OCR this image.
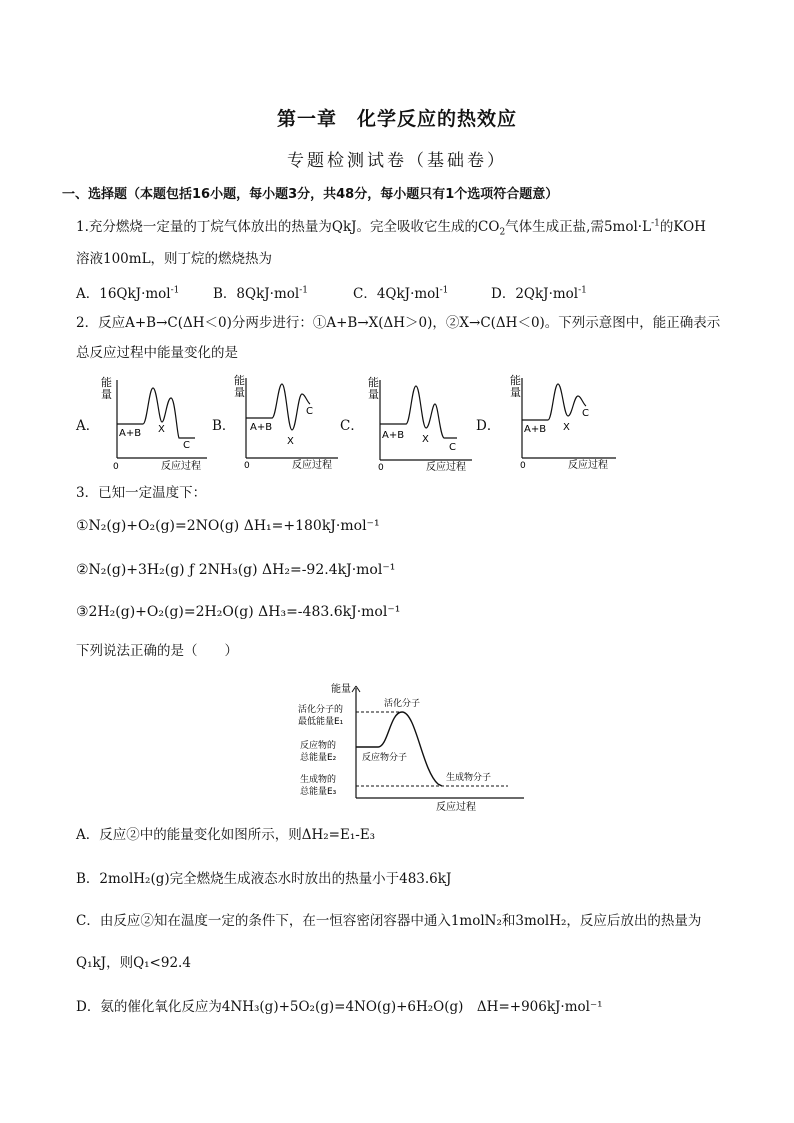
第一章　化学反应的热效应
专题检测试卷（基础卷）
一、选择题（本题包括16小题，每小题3分，共48分，每小题只有1个选项符合题意）
1.充分燃烧一定量的丁烷气体放出的热量为QkJ。完全吸收它生成的$CO_2$气体生成正盐,需$5mol\cdot L^{-1}$的KOH
溶液100mL，则丁烷的燃烧热为
A．16QkJ·mol$^{-1}$ B．8QkJ·mol$^{-1}$	C．4QkJ·mol$^{-1}$	D．2QkJ·mol$^{-1}$
2．反应A+B→C(ΔH＜0)分两步进行：①A+B→X(ΔH＞0)，②X→C(ΔH＜0)。下列示意图中，能正确表示
总反应过程中能量变化的是
A．	B．	C．	D．
能
量
A+B X
C
0	反应过程
能
量
A+B
X
C
0	反应过程
能
量
A+B X
C
0	反应过程
能
量
A+B X
C
0	反应过程
3．已知一定温度下：
①N₂(g)+O₂(g)=2NO(g) ΔH₁=+180kJ·mol⁻¹
②N₂(g)+3H₂(g) ƒ 2NH₃(g) ΔH₂=-92.4kJ·mol⁻¹
③2H₂(g)+O₂(g)=2H₂O(g) ΔH₃=-483.6kJ·mol⁻¹
下列说法正确的是（　　）
能量
活化分子的
最低能量E₁
活化分子
反应物的
总能量E₂	反应物分子
生成物的
总能量E₃
生成物分子
反应过程
A．反应②中的能量变化如图所示，则ΔH₂=E₁-E₃
B．2molH₂(g)完全燃烧生成液态水时放出的热量小于483.6kJ
C．由反应②知在温度一定的条件下，在一恒容密闭容器中通入1molN₂和3molH₂，反应后放出的热量为
Q₁kJ，则Q₁<92.4
D．氨的催化氧化反应为4NH₃(g)+5O₂(g)=4NO(g)+6H₂O(g)　ΔH=+906kJ·mol⁻¹
